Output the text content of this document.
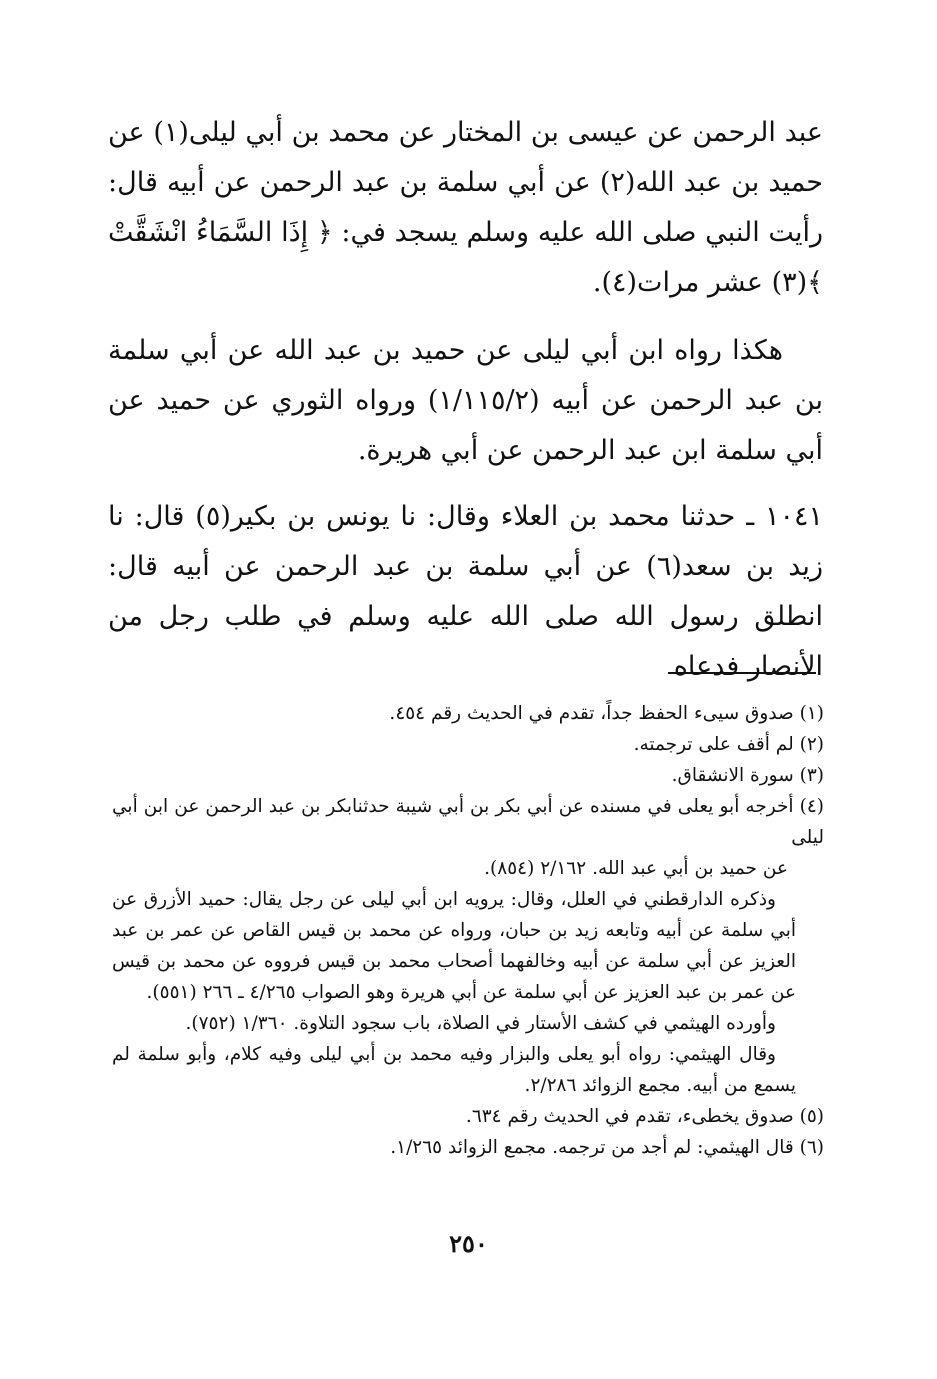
عبد الرحمن عن عيسى بن المختار عن محمد بن أبي ليلى(١) عن حميد بن عبد الله(٢) عن أبي سلمة بن عبد الرحمن عن أبيه قال: رأيت النبي صلى الله عليه وسلم يسجد في: ﴿ إِذَا السَّمَاءُ انْشَقَّتْ ﴾(٣) عشر مرات(٤).

هكذا رواه ابن أبي ليلى عن حميد بن عبد الله عن أبي سلمة بن عبد الرحمن عن أبيه (١/١١٥/٢) ورواه الثوري عن حميد عن أبي سلمة ابن عبد الرحمن عن أبي هريرة.

١٠٤١ ـ حدثنا محمد بن العلاء وقال: نا يونس بن بكير(٥) قال: نا زيد بن سعد(٦) عن أبي سلمة بن عبد الرحمن عن أبيه قال: انطلق رسول الله صلى الله عليه وسلم في طلب رجل من الأنصار فدعاه

(١) صدوق سيىء الحفظ جداً، تقدم في الحديث رقم ٤٥٤.

(٢) لم أقف على ترجمته.

(٣) سورة الانشقاق.

(٤) أخرجه أبو يعلى في مسنده عن أبي بكر بن أبي شيبة حدثنابكر بن عبد الرحمن عن ابن أبي ليلى

عن حميد بن أبي عبد الله. ٢/١٦٢ (٨٥٤).

وذكره الدارقطني في العلل، وقال: يرويه ابن أبي ليلى عن رجل يقال: حميد الأزرق عن أبي سلمة عن أبيه وتابعه زيد بن حبان، ورواه عن محمد بن قيس القاص عن عمر بن عبد العزيز عن أبي سلمة عن أبيه وخالفهما أصحاب محمد بن قيس فرووه عن محمد بن قيس عن عمر بن عبد العزيز عن أبي سلمة عن أبي هريرة وهو الصواب ٤/٢٦٥ ـ ٢٦٦ (٥٥١).

وأورده الهيثمي في كشف الأستار في الصلاة، باب سجود التلاوة. ١/٣٦٠ (٧٥٢).

وقال الهيثمي: رواه أبو يعلى والبزار وفيه محمد بن أبي ليلى وفيه كلام، وأبو سلمة لم يسمع من أبيه. مجمع الزوائد ٢/٢٨٦.

(٥) صدوق يخطىء، تقدم في الحديث رقم ٦٣٤.

(٦) قال الهيثمي: لم أجد من ترجمه. مجمع الزوائد ١/٢٦٥.

٢٥٠
